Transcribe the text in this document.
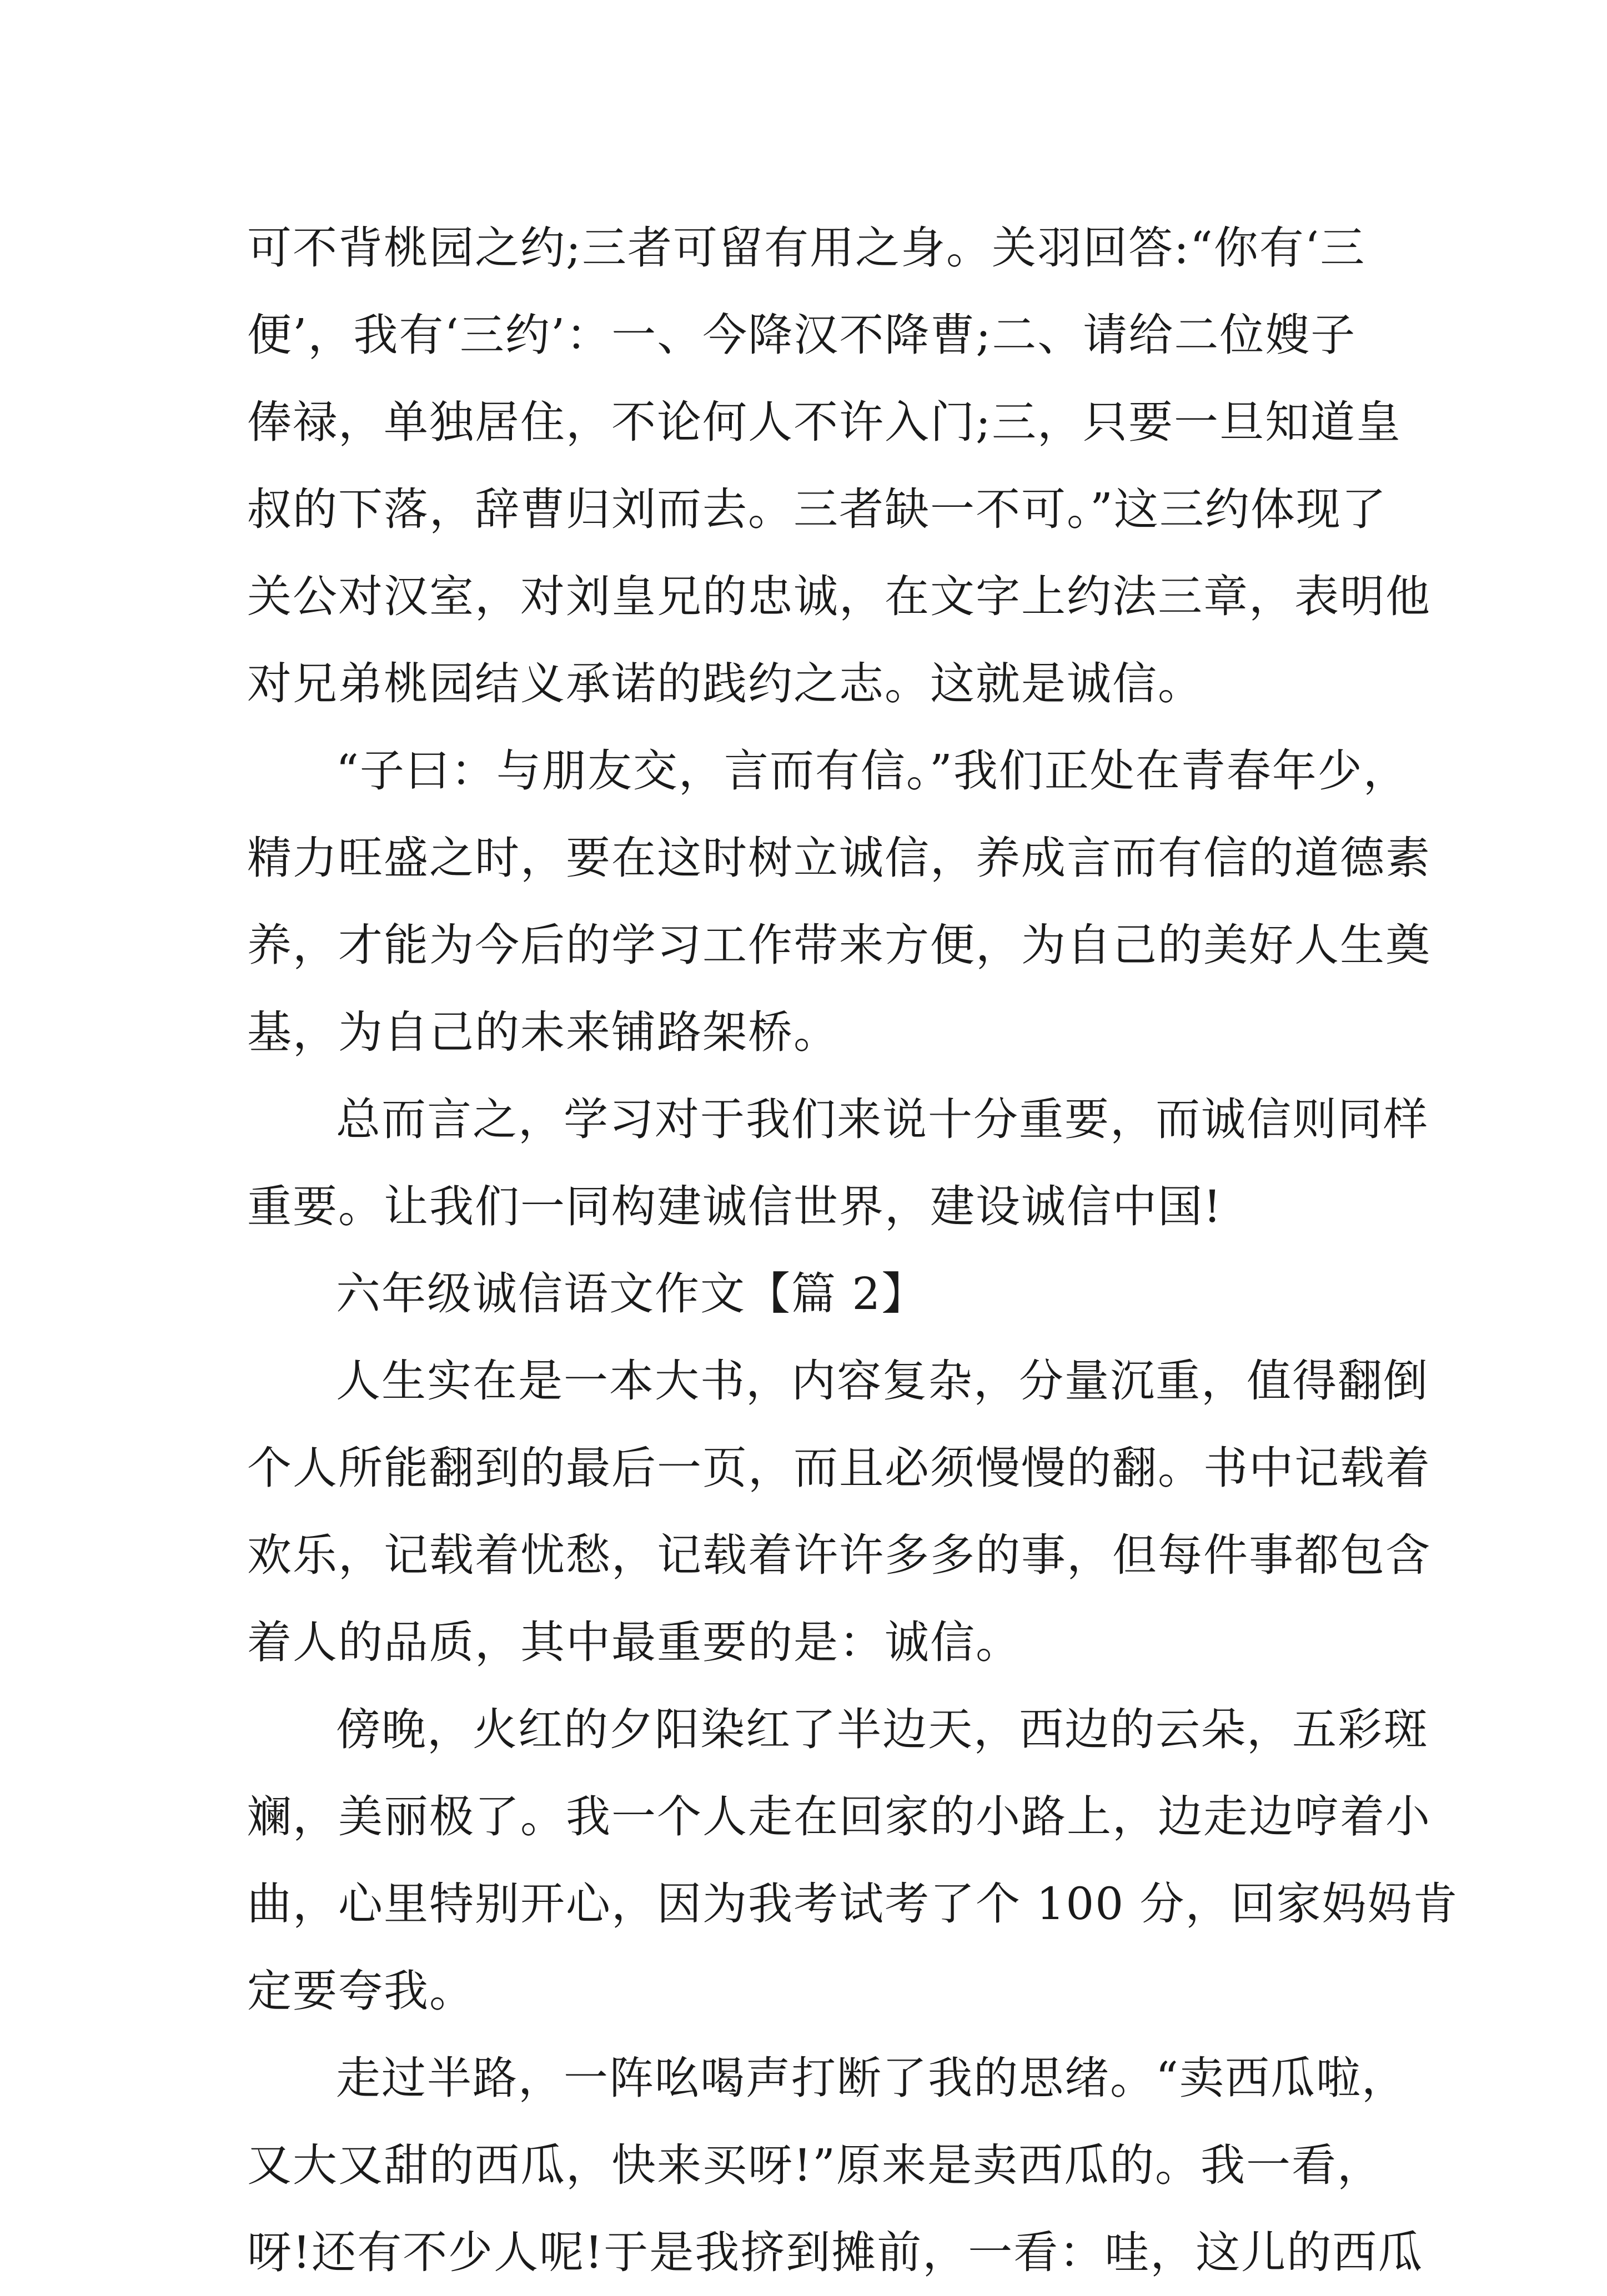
可不背桃园之约;三者可留有用之身。关羽回答:“你有‘三
便’，我有‘三约’：一、今降汉不降曹;二、请给二位嫂子
俸禄，单独居住，不论何人不许入门;三，只要一旦知道皇
叔的下落，辞曹归刘而去。三者缺一不可。”这三约体现了
关公对汉室，对刘皇兄的忠诚，在文字上约法三章，表明他
对兄弟桃园结义承诺的践约之志。这就是诚信。
“子曰：与朋友交，言而有信。”我们正处在青春年少，
精力旺盛之时，要在这时树立诚信，养成言而有信的道德素
养，才能为今后的学习工作带来方便，为自己的美好人生奠
基，为自己的未来铺路架桥。
总而言之，学习对于我们来说十分重要，而诚信则同样
重要。让我们一同构建诚信世界，建设诚信中国!
六年级诚信语文作文【篇 2】
人生实在是一本大书，内容复杂，分量沉重，值得翻倒
个人所能翻到的最后一页，而且必须慢慢的翻。书中记载着
欢乐，记载着忧愁，记载着许许多多的事，但每件事都包含
着人的品质，其中最重要的是：诚信。
傍晚，火红的夕阳染红了半边天，西边的云朵，五彩斑
斓，美丽极了。我一个人走在回家的小路上，边走边哼着小
曲，心里特别开心，因为我考试考了个 100 分，回家妈妈肯
定要夸我。
走过半路，一阵吆喝声打断了我的思绪。“卖西瓜啦，
又大又甜的西瓜，快来买呀!”原来是卖西瓜的。我一看，
呀!还有不少人呢!于是我挤到摊前，一看：哇，这儿的西瓜
